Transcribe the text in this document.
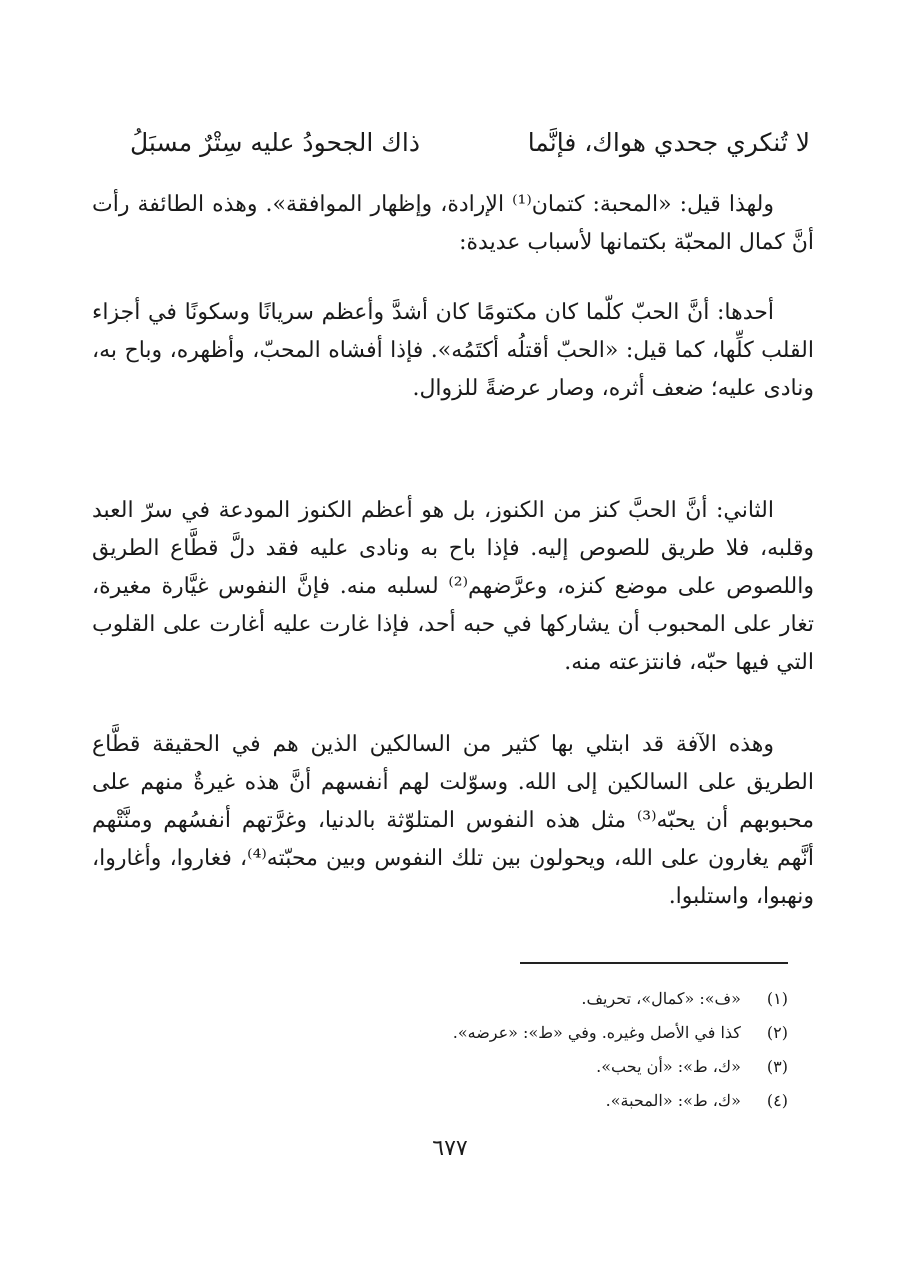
لا تُنكري جحدي هواك، فإنَّما
ذاك الجحودُ عليه سِتْرٌ مسبَلُ

ولهذا قيل: «المحبة: كتمان⁽¹⁾ الإرادة، وإظهار الموافقة». وهذه الطائفة رأت أنَّ كمال المحبّة بكتمانها لأسباب عديدة:

أحدها: أنَّ الحبّ كلّما كان مكتومًا كان أشدَّ وأعظم سريانًا وسكونًا في أجزاء القلب كلِّها، كما قيل: «الحبّ أقتلُه أكتَمُه». فإذا أفشاه المحبّ، وأظهره، وباح به، ونادى عليه؛ ضعف أثره، وصار عرضةً للزوال.

الثاني: أنَّ الحبَّ كنز من الكنوز، بل هو أعظم الكنوز المودعة في سرّ العبد وقلبه، فلا طريق للصوص إليه. فإذا باح به ونادى عليه فقد دلَّ قطَّاع الطريق واللصوص على موضع كنزه، وعرَّضهم⁽²⁾ لسلبه منه. فإنَّ النفوس غيَّارة مغيرة، تغار على المحبوب أن يشاركها في حبه أحد، فإذا غارت عليه أغارت على القلوب التي فيها حبّه، فانتزعته منه.

وهذه الآفة قد ابتلي بها كثير من السالكين الذين هم في الحقيقة قطَّاع الطريق على السالكين إلى الله. وسوّلت لهم أنفسهم أنَّ هذه غيرةٌ منهم على محبوبهم أن يحبّه⁽³⁾ مثل هذه النفوس المتلوّثة بالدنيا، وغرَّتهم أنفسُهم ومنَّتْهم أنَّهم يغارون على الله، ويحولون بين تلك النفوس وبين محبّته⁽⁴⁾، فغاروا، وأغاروا، ونهبوا، واستلبوا.

(١) «ف»: «كمال»، تحريف.
(٢) كذا في الأصل وغيره. وفي «ط»: «عرضه».
(٣) «ك، ط»: «أن يحب».
(٤) «ك، ط»: «المحبة».
٦٧٧
